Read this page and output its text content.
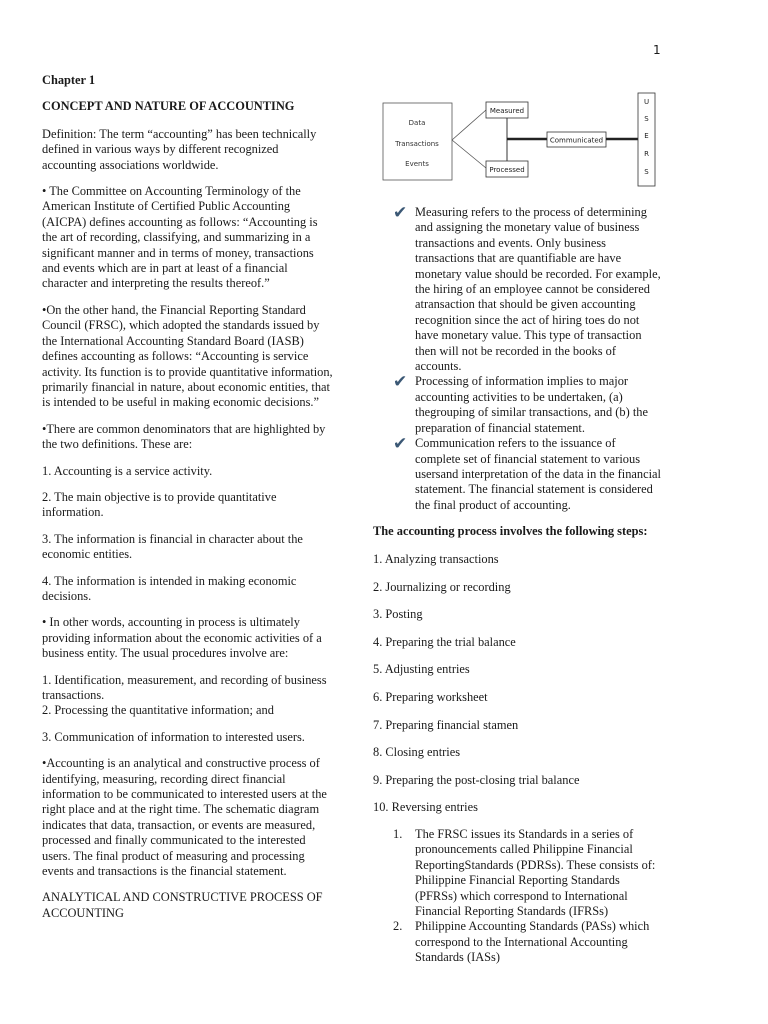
1

Chapter 1

CONCEPT AND NATURE OF ACCOUNTING

Definition: The term “accounting” has been technically defined in various ways by different recognized accounting associations worldwide.

• The Committee on Accounting Terminology of the American Institute of Certified Public Accounting (AICPA) defines accounting as follows: “Accounting is the art of recording, classifying, and summarizing in a significant manner and in terms of money, transactions and events which are in part at least of a financial character and interpreting the results thereof.”

•On the other hand, the Financial Reporting Standard Council (FRSC), which adopted the standards issued by the International Accounting Standard Board (IASB) defines accounting as follows: “Accounting is service activity. Its function is to provide quantitative information, primarily financial in nature, about economic entities, that is intended to be useful in making economic decisions.”

•There are common denominators that are highlighted by the two definitions. These are:

1. Accounting is a service activity.

2. The main objective is to provide quantitative information.

3. The information is financial in character about the economic entities.

4. The information is intended in making economic decisions.

• In other words, accounting in process is ultimately providing information about the economic activities of a business entity. The usual procedures involve are:

1. Identification, measurement, and recording of business transactions.

2. Processing the quantitative information; and

3. Communication of information to interested users.

•Accounting is an analytical and constructive process of identifying, measuring, recording direct financial information to be communicated to interested users at the right place and at the right time. The schematic diagram indicates that data, transaction, or events are measured, processed and finally communicated to the interested users. The final product of measuring and processing events and transactions is the financial statement.

ANALYTICAL AND CONSTRUCTIVE PROCESS OF ACCOUNTING

Data
Transactions
Events
Measured
Processed
Communicated
U
S
E
R
S
✔ Measuring refers to the process of determining and assigning the monetary value of business transactions and events. Only business transactions that are quantifiable are have monetary value should be recorded. For example, the hiring of an employee cannot be considered atransaction that should be given accounting recognition since the act of hiring toes do not have monetary value. This type of transaction then will not be recorded in the books of accounts.
✔ Processing of information implies to major accounting activities to be undertaken, (a) thegrouping of similar transactions, and (b) the preparation of financial statement.
✔ Communication refers to the issuance of complete set of financial statement to various usersand interpretation of the data in the financial statement. The financial statement is considered the final product of accounting.
The accounting process involves the following steps:
1. Analyzing transactions
2. Journalizing or recording
3. Posting
4. Preparing the trial balance
5. Adjusting entries
6. Preparing worksheet
7. Preparing financial stamen
8. Closing entries
9. Preparing the post-closing trial balance
10. Reversing entries
1.	The FRSC issues its Standards in a series of pronouncements called Philippine Financial ReportingStandards (PDRSs). These consists of: Philippine Financial Reporting Standards (PFRSs) which correspond to International Financial Reporting Standards (IFRSs)
2.	Philippine Accounting Standards (PASs) which correspond to the International Accounting Standards (IASs)
